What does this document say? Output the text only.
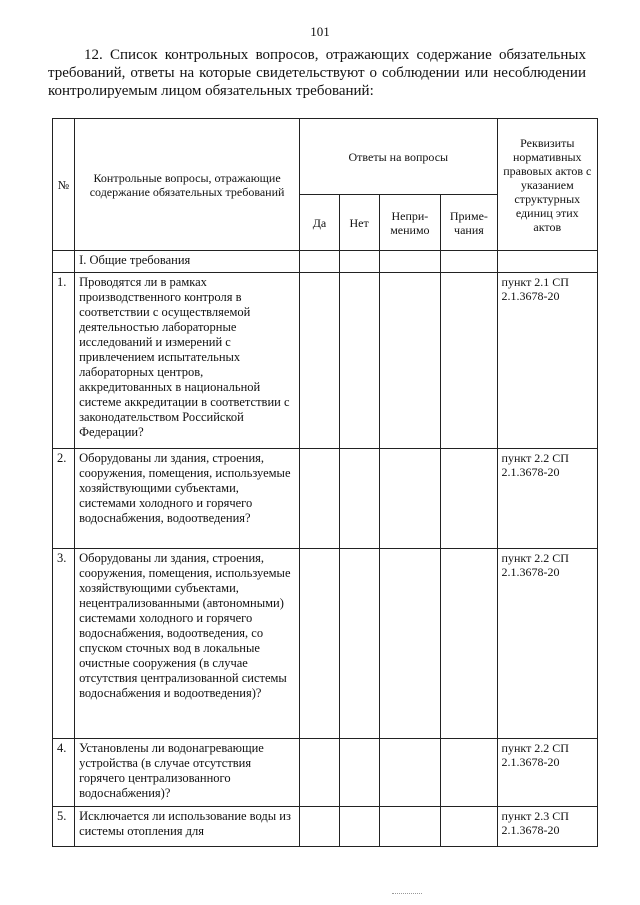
101
12. Список контрольных вопросов, отражающих содержание обязательных
требований, ответы на которые свидетельствуют о соблюдении или несоблюдении
контролируемым лицом обязательных требований:
№	Контрольные вопросы, отражающие содержание обязательных требований	Ответы на вопросы				Реквизиты нормативных правовых актов с указанием структурных единиц этих актов
		Да	Нет	Непри-менимо	Приме-чания	
	I. Общие требования					
1.	Проводятся ли в рамках производственного контроля в соответствии с осуществляемой деятельностью лабораторные исследований и измерений с привлечением испытательных лабораторных центров, аккредитованных в национальной системе аккредитации в соответствии с законодательством Российской Федерации?					пункт 2.1 СП 2.1.3678-20
2.	Оборудованы ли здания, строения, сооружения, помещения, используемые хозяйствующими субъектами, системами холодного и горячего водоснабжения, водоотведения?					пункт 2.2 СП 2.1.3678-20
3.	Оборудованы ли здания, строения, сооружения, помещения, используемые хозяйствующими субъектами, нецентрализованными (автономными) системами холодного и горячего водоснабжения, водоотведения, со спуском сточных вод в локальные очистные сооружения (в случае отсутствия централизованной системы водоснабжения и водоотведения)?					пункт 2.2 СП 2.1.3678-20
4.	Установлены ли водонагревающие устройства (в случае отсутствия горячего централизованного водоснабжения)?					пункт 2.2 СП 2.1.3678-20
5.	Исключается ли использование воды из системы отопления для					пункт 2.3 СП 2.1.3678-20
